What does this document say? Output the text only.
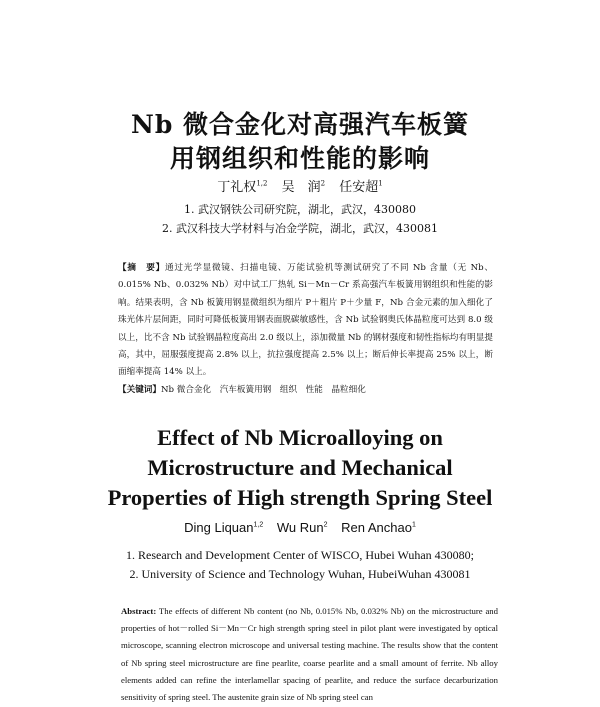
Nb 微合金化对高强汽车板簧
用钢组织和性能的影响
丁礼权$^{1,2}$ 吴　润$^2$ 任安超$^1$
1. 武汉钢铁公司研究院，湖北，武汉，430080
2. 武汉科技大学材料与冶金学院，湖北，武汉，430081
【摘　要】通过光学显微镜、扫描电镜、万能试验机等测试研究了不同 Nb 含量（无 Nb、0.015% Nb、0.032% Nb）对中试工厂热轧 Si－Mn－Cr 系高强汽车板簧用钢组织和性能的影响。结果表明，含 Nb 板簧用钢显微组织为细片 P＋粗片 P＋少量 F，Nb 合金元素的加入细化了珠光体片层间距，同时可降低板簧用钢表面脱碳敏感性，含 Nb 试验钢奥氏体晶粒度可达到 8.0 级以上，比不含 Nb 试验钢晶粒度高出 2.0 级以上，添加微量 Nb 的钢材强度和韧性指标均有明显提高，其中，屈服强度提高 2.8% 以上，抗拉强度提高 2.5% 以上；断后伸长率提高 25% 以上，断面缩率提高 14% 以上。
【关键词】Nb 微合金化　汽车板簧用钢　组织　性能　晶粒细化
Effect of Nb Microalloying on
Microstructure and Mechanical
Properties of High strength Spring Steel
Ding Liquan$^{1,2}$ Wu Run$^2$ Ren Anchao$^1$
1. Research and Development Center of WISCO, Hubei Wuhan 430080;
2. University of Science and Technology Wuhan, HubeiWuhan 430081
Abstract: The effects of different Nb content (no Nb, 0.015% Nb, 0.032% Nb) on the microstructure and properties of hot－rolled Si－Mn－Cr high strength spring steel in pilot plant were investigated by optical microscope, scanning electron microscope and universal testing machine. The results show that the content of Nb spring steel microstructure are fine pearlite, coarse pearlite and a small amount of ferrite. Nb alloy elements added can refine the interlamellar spacing of pearlite, and reduce the surface decarburization sensitivity of spring steel. The austenite grain size of Nb spring steel can
